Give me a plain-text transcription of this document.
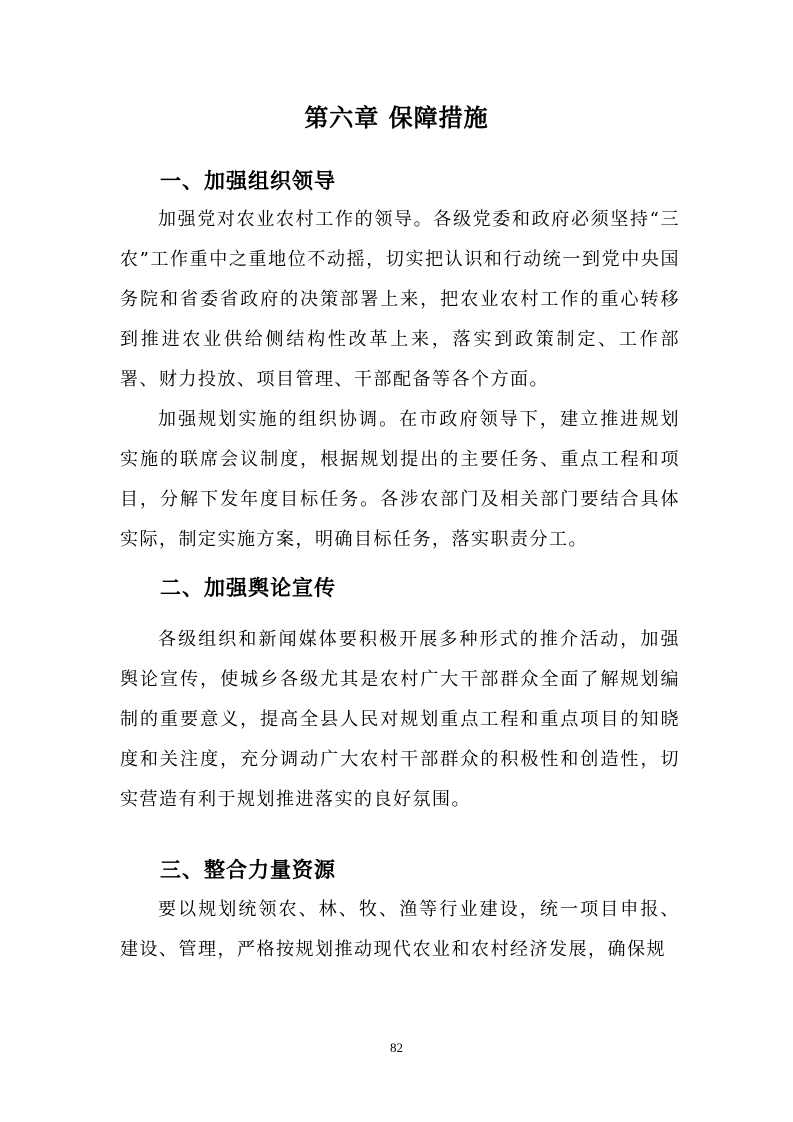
第六章 保障措施
一、加强组织领导

加强党对农业农村工作的领导。各级党委和政府必须坚持“三农”工作重中之重地位不动摇，切实把认识和行动统一到党中央国务院和省委省政府的决策部署上来，把农业农村工作的重心转移到推进农业供给侧结构性改革上来，落实到政策制定、工作部署、财力投放、项目管理、干部配备等各个方面。

加强规划实施的组织协调。在市政府领导下，建立推进规划实施的联席会议制度，根据规划提出的主要任务、重点工程和项目，分解下发年度目标任务。各涉农部门及相关部门要结合具体实际，制定实施方案，明确目标任务，落实职责分工。

二、加强舆论宣传

各级组织和新闻媒体要积极开展多种形式的推介活动，加强舆论宣传，使城乡各级尤其是农村广大干部群众全面了解规划编制的重要意义，提高全县人民对规划重点工程和重点项目的知晓度和关注度，充分调动广大农村干部群众的积极性和创造性，切实营造有利于规划推进落实的良好氛围。

三、整合力量资源

要以规划统领农、林、牧、渔等行业建设，统一项目申报、建设、管理，严格按规划推动现代农业和农村经济发展，确保规

82
